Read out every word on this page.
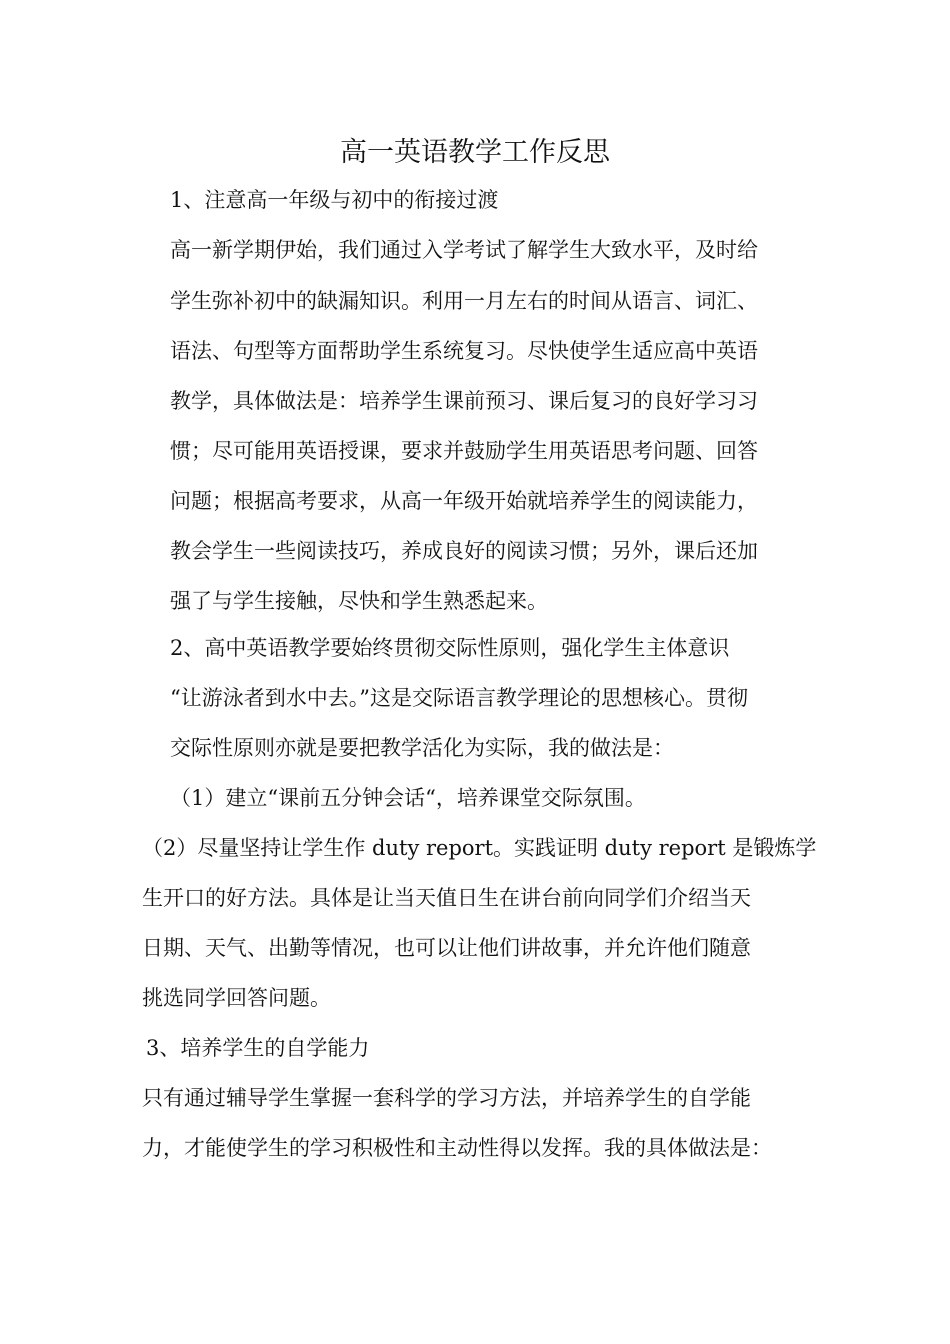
高一英语教学工作反思
1、注意高一年级与初中的衔接过渡
高一新学期伊始，我们通过入学考试了解学生大致水平，及时给
学生弥补初中的缺漏知识。利用一月左右的时间从语言、词汇、
语法、句型等方面帮助学生系统复习。尽快使学生适应高中英语
教学，具体做法是：培养学生课前预习、课后复习的良好学习习
惯；尽可能用英语授课，要求并鼓励学生用英语思考问题、回答
问题；根据高考要求，从高一年级开始就培养学生的阅读能力，
教会学生一些阅读技巧，养成良好的阅读习惯；另外，课后还加
强了与学生接触，尽快和学生熟悉起来。
2、高中英语教学要始终贯彻交际性原则，强化学生主体意识
“让游泳者到水中去。”这是交际语言教学理论的思想核心。贯彻
交际性原则亦就是要把教学活化为实际，我的做法是：
（1）建立“课前五分钟会话“，培养课堂交际氛围。
（2）尽量坚持让学生作 duty report。实践证明 duty report 是锻炼学
生开口的好方法。具体是让当天值日生在讲台前向同学们介绍当天
日期、天气、出勤等情况，也可以让他们讲故事，并允许他们随意
挑选同学回答问题。
3、培养学生的自学能力
只有通过辅导学生掌握一套科学的学习方法，并培养学生的自学能
力，才能使学生的学习积极性和主动性得以发挥。我的具体做法是：
